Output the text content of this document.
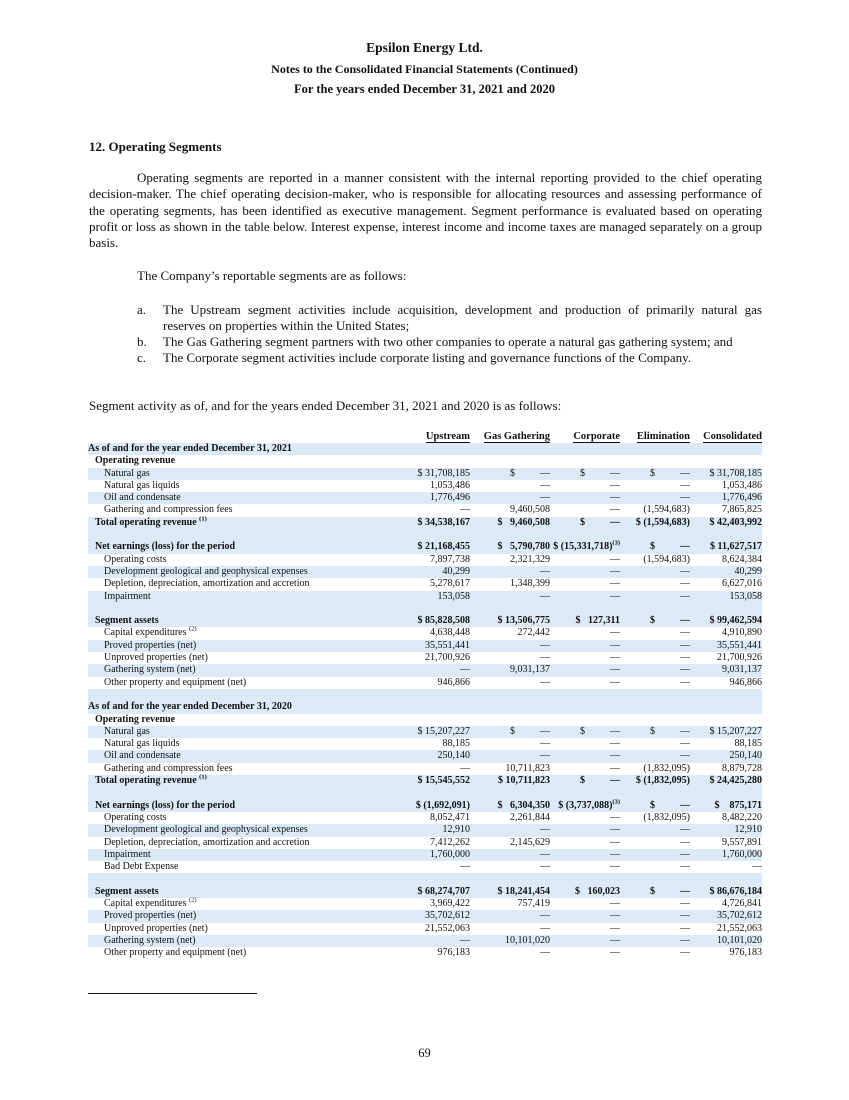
Epsilon Energy Ltd.
Notes to the Consolidated Financial Statements (Continued)
For the years ended December 31, 2021 and 2020
12. Operating Segments
Operating segments are reported in a manner consistent with the internal reporting provided to the chief operating decision-maker. The chief operating decision-maker, who is responsible for allocating resources and assessing performance of the operating segments, has been identified as executive management. Segment performance is evaluated based on operating profit or loss as shown in the table below. Interest expense, interest income and income taxes are managed separately on a group basis.
The Company’s reportable segments are as follows:
a.	The Upstream segment activities include acquisition, development and production of primarily natural gas reserves on properties within the United States;
b.	The Gas Gathering segment partners with two other companies to operate a natural gas gathering system; and
c.	The Corporate segment activities include corporate listing and governance functions of the Company.
Segment activity as of, and for the years ended December 31, 2021 and 2020 is as follows:
	Upstream	Gas Gathering	Corporate	Elimination	Consolidated
As of and for the year ended December 31, 2021					
Operating revenue					
Natural gas	$ 31,708,185	$          —	$          —	$          —	$ 31,708,185
Natural gas liquids	1,053,486	—	—	—	1,053,486
Oil and condensate	1,776,496	—	—	—	1,776,496
Gathering and compression fees	—	9,460,508	—	(1,594,683)	7,865,825
Total operating revenue $^{(1)}$	$ 34,538,167	$   9,460,508	$          —	$ (1,594,683)	$ 42,403,992

Net earnings (loss) for the period	$ 21,168,455	$   5,790,780	$ $(15,331,718)^{(3)}$	$          —	$ 11,627,517
Operating costs	7,897,738	2,321,329	—	(1,594,683)	8,624,384
Development geological and geophysical expenses	40,299	—	—	—	40,299
Depletion, depreciation, amortization and accretion	5,278,617	1,348,399	—	—	6,627,016
Impairment	153,058	—	—	—	153,058

Segment assets	$ 85,828,508	$ 13,506,775	$   127,311	$          —	$ 99,462,594
Capital expenditures $^{(2)}$	4,638,448	272,442	—	—	4,910,890
Proved properties (net)	35,551,441	—	—	—	35,551,441
Unproved properties (net)	21,700,926	—	—	—	21,700,926
Gathering system (net)	—	9,031,137	—	—	9,031,137
Other property and equipment (net)	946,866	—	—	—	946,866

As of and for the year ended December 31, 2020					
Operating revenue					
Natural gas	$ 15,207,227	$          —	$          —	$          —	$ 15,207,227
Natural gas liquids	88,185	—	—	—	88,185
Oil and condensate	250,140	—	—	—	250,140
Gathering and compression fees	—	10,711,823	—	(1,832,095)	8,879,728
Total operating revenue $^{(1)}$	$ 15,545,552	$ 10,711,823	$          —	$ (1,832,095)	$ 24,425,280

Net earnings (loss) for the period	$ (1,692,091)	$   6,304,350	$ $(3,737,088)^{(3)}$	$          —	$    875,171
Operating costs	8,052,471	2,261,844	—	(1,832,095)	8,482,220
Development geological and geophysical expenses	12,910	—	—	—	12,910
Depletion, depreciation, amortization and accretion	7,412,262	2,145,629	—	—	9,557,891
Impairment	1,760,000	—	—	—	1,760,000
Bad Debt Expense	—	—	—	—	—

Segment assets	$ 68,274,707	$ 18,241,454	$   160,023	$          —	$ 86,676,184
Capital expenditures $^{(2)}$	3,969,422	757,419	—	—	4,726,841
Proved properties (net)	35,702,612	—	—	—	35,702,612
Unproved properties (net)	21,552,063	—	—	—	21,552,063
Gathering system (net)	—	10,101,020	—	—	10,101,020
Other property and equipment (net)	976,183	—	—	—	976,183
69
